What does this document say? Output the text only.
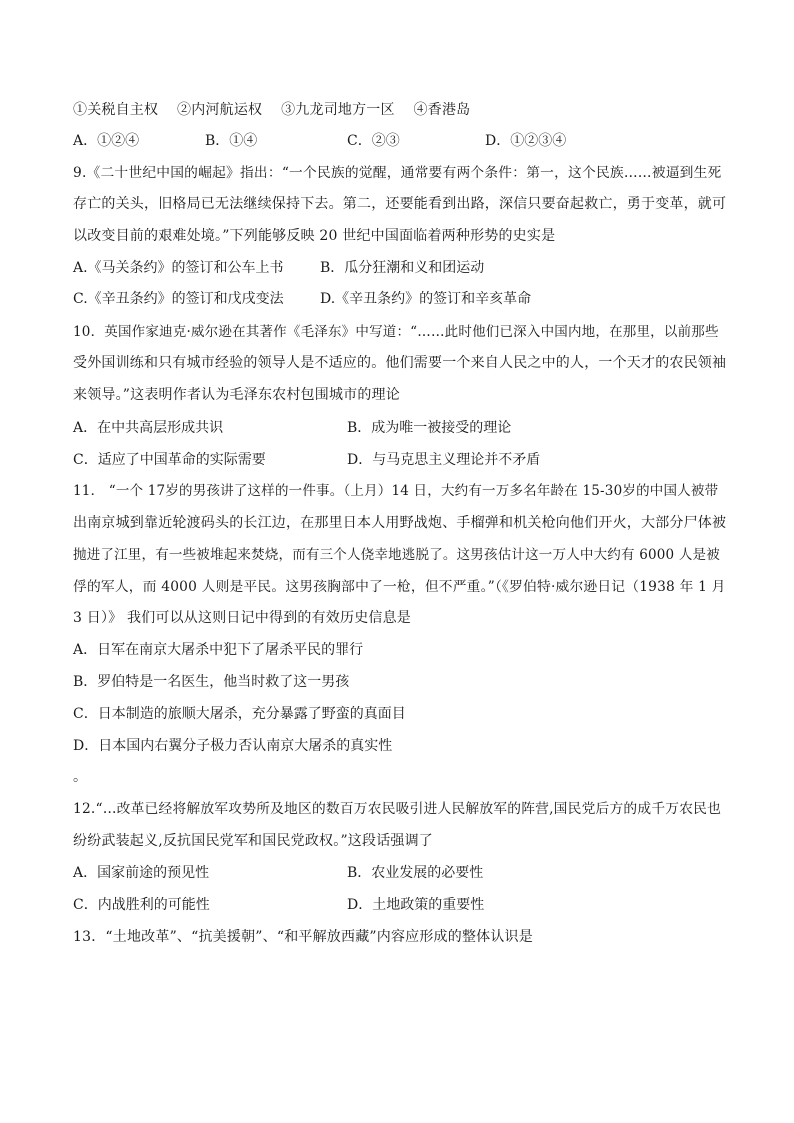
①关税自主权　 ②内河航运权　 ③九龙司地方一区　 ④香港岛
A．①②④	B．①④	C．②③	D．①②③④
9.《二十世纪中国的崛起》指出：“一个民族的觉醒，通常要有两个条件：第一，这个民族……被逼到生死
存亡的关头，旧格局已无法继续保持下去。第二，还要能看到出路，深信只要奋起救亡，勇于变革，就可
以改变目前的艰难处境。”下列能够反映 20 世纪中国面临着两种形势的史实是
A.《马关条约》的签订和公车上书	B．瓜分狂潮和义和团运动
C.《辛丑条约》的签订和戊戌变法	D.《辛丑条约》的签订和辛亥革命
10．英国作家迪克·威尔逊在其著作《毛泽东》中写道：“……此时他们已深入中国内地，在那里，以前那些
受外国训练和只有城市经验的领导人是不适应的。他们需要一个来自人民之中的人，一个天才的农民领袖
来领导。”这表明作者认为毛泽东农村包围城市的理论
A．在中共高层形成共识	B．成为唯一被接受的理论
C．适应了中国革命的实际需要	D．与马克思主义理论并不矛盾
11． “一个 17岁的男孩讲了这样的一件事。（上月）14 日，大约有一万多名年龄在 15-30岁的中国人被带
出南京城到靠近轮渡码头的长江边，在那里日本人用野战炮、手榴弹和机关枪向他们开火，大部分尸体被
抛进了江里，有一些被堆起来焚烧，而有三个人侥幸地逃脱了。这男孩估计这一万人中大约有 6000 人是被
俘的军人，而 4000 人则是平民。这男孩胸部中了一枪，但不严重。”（《罗伯特·威尔逊日记（1938 年 1 月
3 日）》 我们可以从这则日记中得到的有效历史信息是
A．日军在南京大屠杀中犯下了屠杀平民的罪行
B．罗伯特是一名医生，他当时救了这一男孩
C．日本制造的旅顺大屠杀，充分暴露了野蛮的真面目
D．日本国内右翼分子极力否认南京大屠杀的真实性
。
12.“…改革已经将解放军攻势所及地区的数百万农民吸引进人民解放军的阵营,国民党后方的成千万农民也
纷纷武装起义,反抗国民党军和国民党政权。”这段话强调了
A．国家前途的预见性	B．农业发展的必要性
C．内战胜利的可能性	D．土地政策的重要性
13．“土地改革”、“抗美援朝”、“和平解放西藏”内容应形成的整体认识是
